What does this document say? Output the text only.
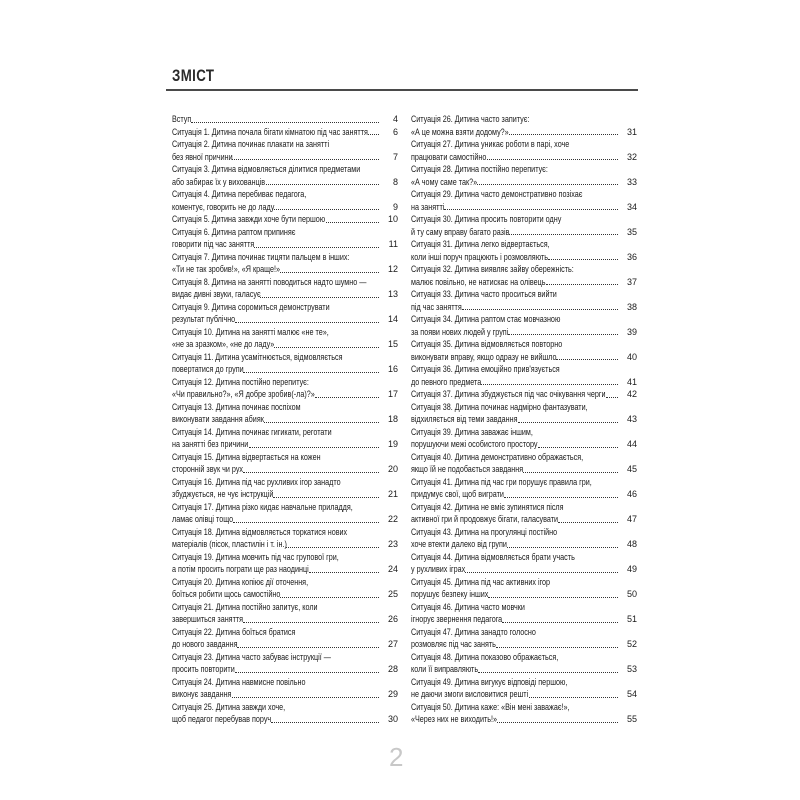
ЗМІСТ
Вступ	4
Ситуація 1. Дитина почала бігати кімнатою під час заняття	6
Ситуація 2. Дитина починає плакати на занятті
без явної причини	7
Ситуація 3. Дитина відмовляється ділитися предметами
або забирає їх у вихованців	8
Ситуація 4. Дитина перебиває педагога,
коментує, говорить не до ладу	9
Ситуація 5. Дитина завжди хоче бути першою	10
Ситуація 6. Дитина раптом припиняє
говорити під час заняття	11
Ситуація 7. Дитина починає тицяти пальцем в інших:
«Ти не так зробив!», «Я краще!»	12
Ситуація 8. Дитина на занятті поводиться надто шумно —
видає дивні звуки, галасує	13
Ситуація 9. Дитина соромиться демонструвати
результат публічно	14
Ситуація 10. Дитина на занятті малює «не те»,
«не за зразком», «не до ладу»	15
Ситуація 11. Дитина усамітнюється, відмовляється
повертатися до групи	16
Ситуація 12. Дитина постійно перепитує:
«Чи правильно?», «Я добре зробив(-ла)?»	17
Ситуація 13. Дитина починає поспіхом
виконувати завдання абияк	18
Ситуація 14. Дитина починає гигикати, реготати
на занятті без причини	19
Ситуація 15. Дитина відвертається на кожен
сторонній звук чи рух	20
Ситуація 16. Дитина під час рухливих ігор занадто
збуджується, не чує інструкцій	21
Ситуація 17. Дитина різко кидає навчальне приладдя,
ламає олівці тощо	22
Ситуація 18. Дитина відмовляється торкатися нових
матеріалів (пісок, пластилін і т. ін.)	23
Ситуація 19. Дитина мовчить під час групової гри,
а потім просить пограти ще раз наодинці	24
Ситуація 20. Дитина копіює дії оточення,
боїться робити щось самостійно	25
Ситуація 21. Дитина постійно запитує, коли
завершиться заняття	26
Ситуація 22. Дитина боїться братися
до нового завдання	27
Ситуація 23. Дитина часто забуває інструкції —
просить повторити	28
Ситуація 24. Дитина навмисне повільно
виконує завдання	29
Ситуація 25. Дитина завжди хоче,
щоб педагог перебував поруч	30
Ситуація 26. Дитина часто запитує:
«А це можна взяти додому?»	31
Ситуація 27. Дитина уникає роботи в парі, хоче
працювати самостійно	32
Ситуація 28. Дитина постійно перепитує:
«А чому саме так?»	33
Ситуація 29. Дитина часто демонстративно позіхає
на занятті	34
Ситуація 30. Дитина просить повторити одну
й ту саму вправу багато разів	35
Ситуація 31. Дитина легко відвертається,
коли інші поруч працюють і розмовляють	36
Ситуація 32. Дитина виявляє зайву обережність:
малює повільно, не натискає на олівець	37
Ситуація 33. Дитина часто проситься вийти
під час заняття	38
Ситуація 34. Дитина раптом стає мовчазною
за появи нових людей у групі	39
Ситуація 35. Дитина відмовляється повторно
виконувати вправу, якщо одразу не вийшло	40
Ситуація 36. Дитина емоційно прив'язується
до певного предмета	41
Ситуація 37. Дитина збуджується під час очікування черги	42
Ситуація 38. Дитина починає надмірно фантазувати,
відхиляється від теми завдання	43
Ситуація 39. Дитина заважає іншим,
порушуючи межі особистого простору	44
Ситуація 40. Дитина демонстративно ображається,
якщо їй не подобається завдання	45
Ситуація 41. Дитина під час гри порушує правила гри,
придумує свої, щоб виграти	46
Ситуація 42. Дитина не вміє зупинятися після
активної гри й продовжує бігати, галасувати	47
Ситуація 43. Дитина на прогулянці постійно
хоче втекти далеко від групи	48
Ситуація 44. Дитина відмовляється брати участь
у рухливих іграх	49
Ситуація 45. Дитина під час активних ігор
порушує безпеку інших	50
Ситуація 46. Дитина часто мовчки
ігнорує звернення педагога	51
Ситуація 47. Дитина занадто голосно
розмовляє під час занять	52
Ситуація 48. Дитина показово ображається,
коли її виправляють	53
Ситуація 49. Дитина вигукує відповіді першою,
не даючи змоги висловитися решті	54
Ситуація 50. Дитина каже: «Він мені заважає!»,
«Через них не виходить!»	55
2
